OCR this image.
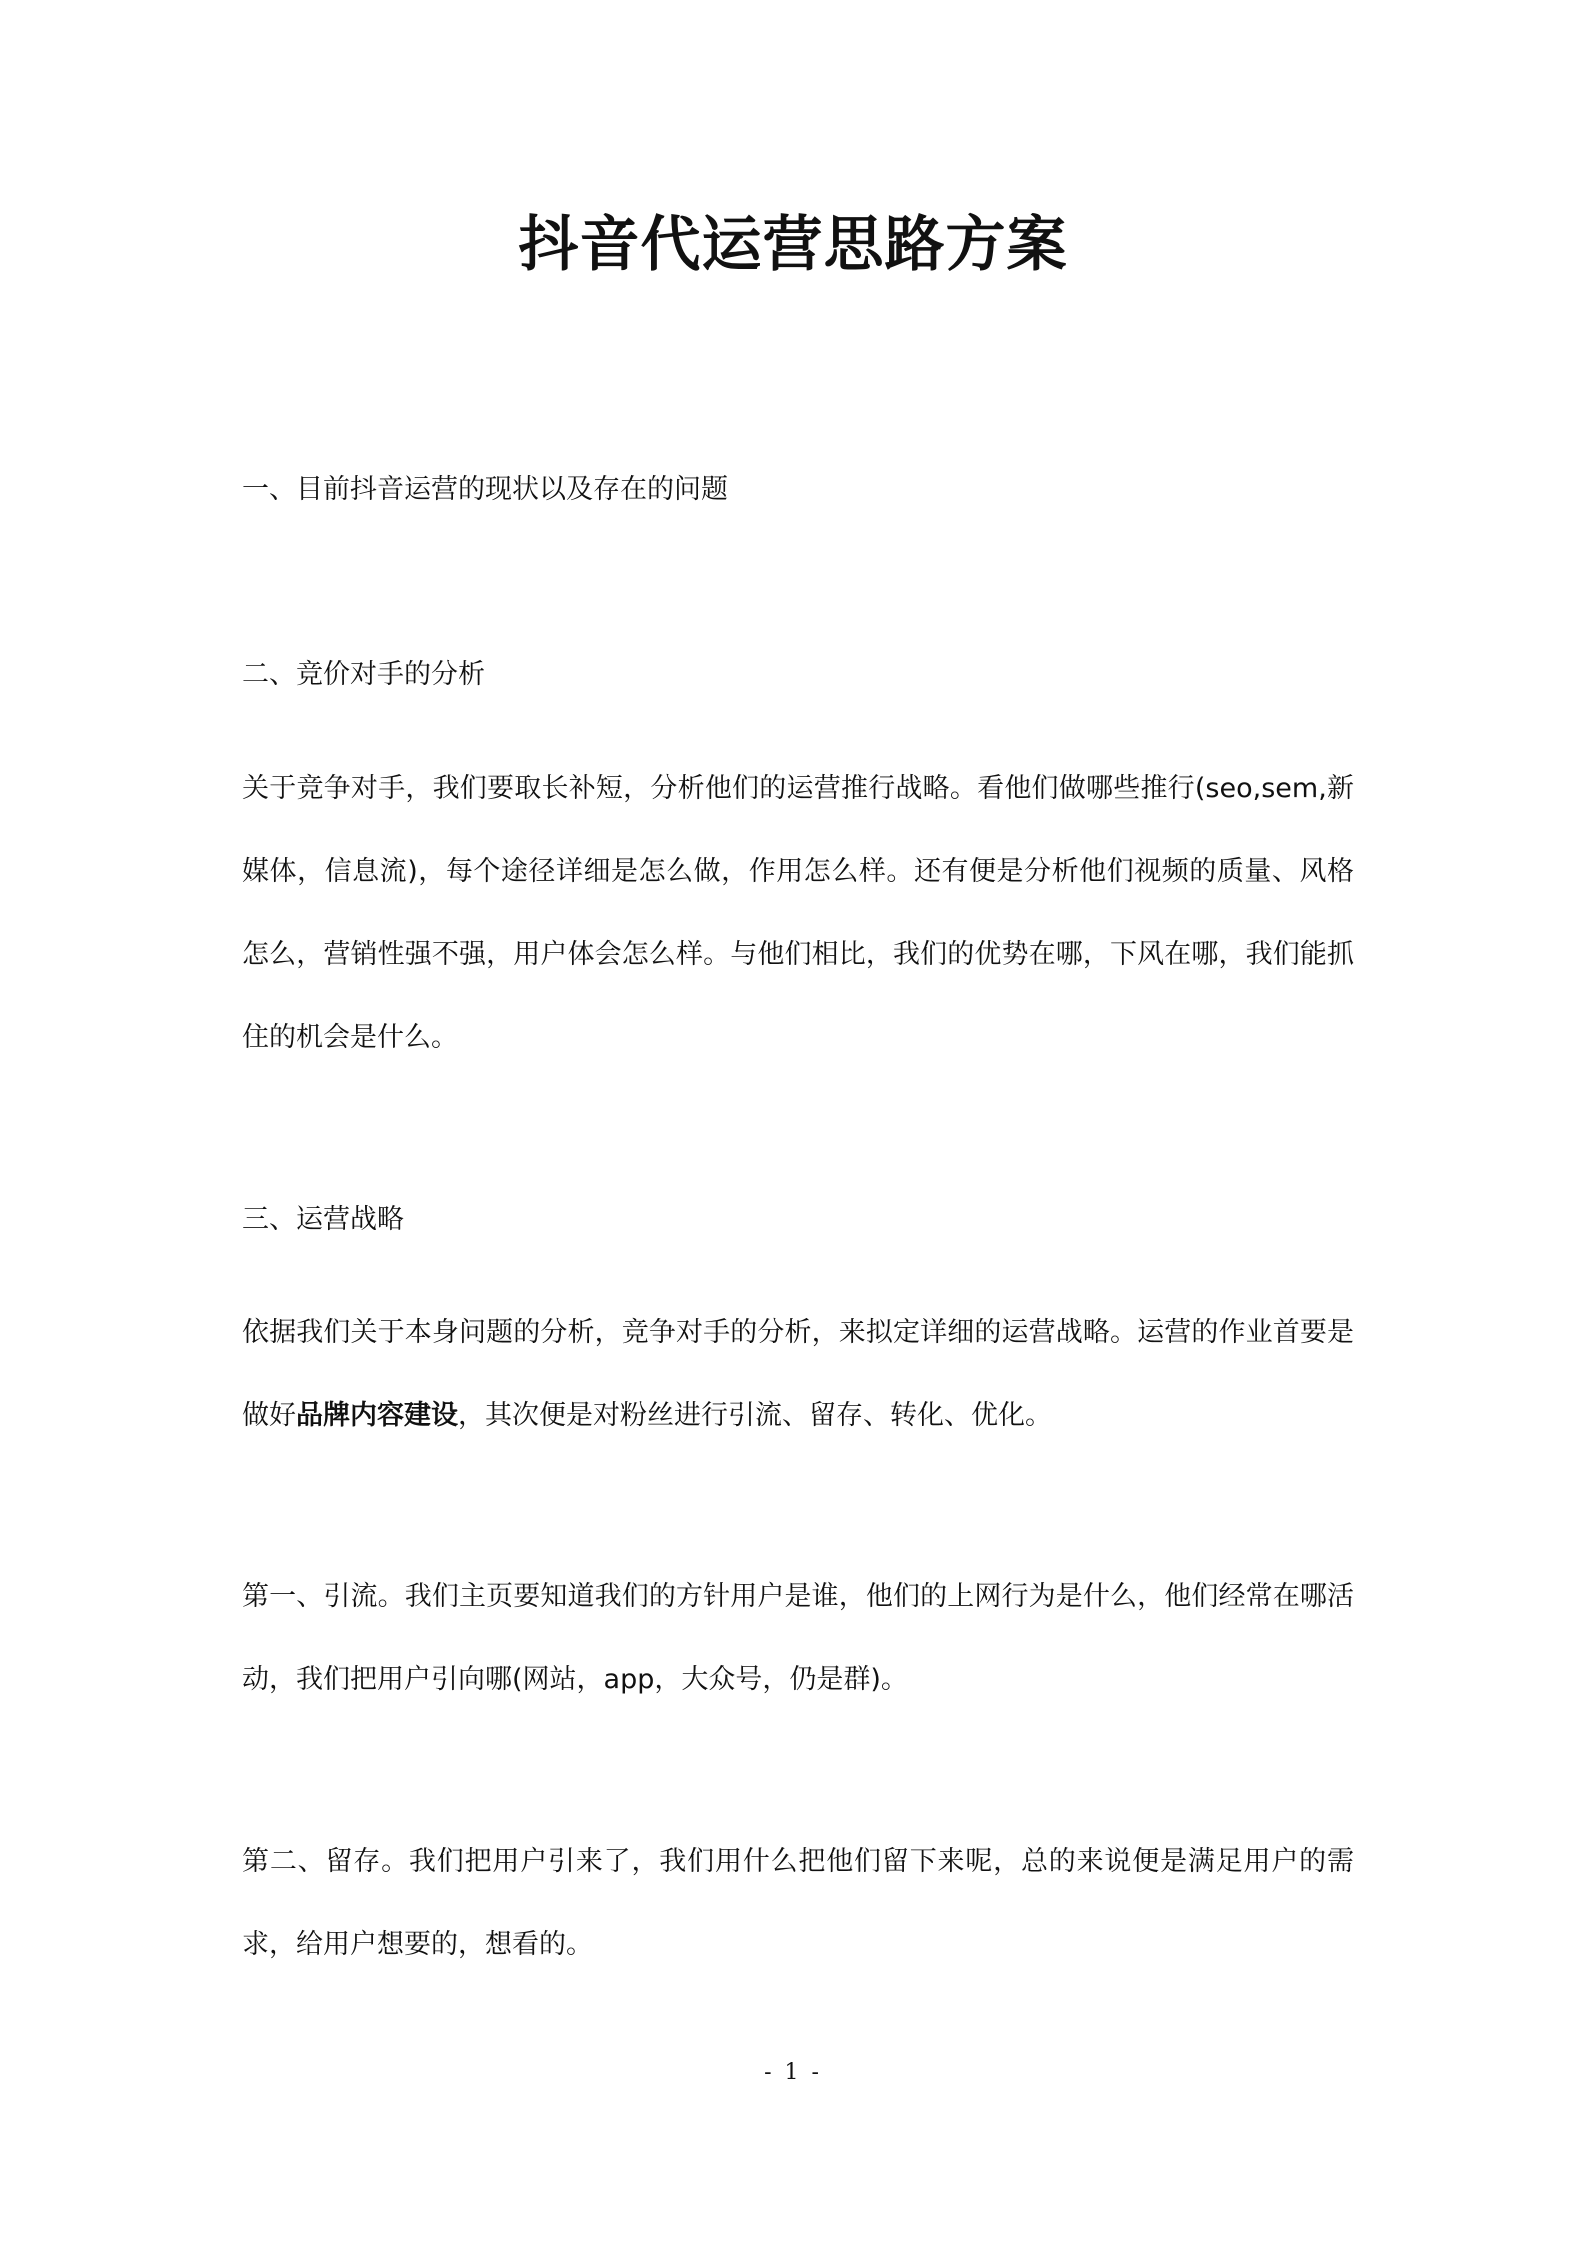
抖音代运营思路方案
一、目前抖音运营的现状以及存在的问题
二、竞价对手的分析

关于竞争对手，我们要取长补短，分析他们的运营推行战略。看他们做哪些推行(seo,sem,新媒体，信息流)，每个途径详细是怎么做，作用怎么样。还有便是分析他们视频的质量、风格怎么，营销性强不强，用户体会怎么样。与他们相比，我们的优势在哪，下风在哪，我们能抓住的机会是什么。

三、运营战略

依据我们关于本身问题的分析，竞争对手的分析，来拟定详细的运营战略。运营的作业首要是做好品牌内容建设，其次便是对粉丝进行引流、留存、转化、优化。

第一、引流。我们主页要知道我们的方针用户是谁，他们的上网行为是什么，他们经常在哪活动，我们把用户引向哪(网站，app，大众号，仍是群)。

第二、留存。我们把用户引来了，我们用什么把他们留下来呢，总的来说便是满足用户的需求，给用户想要的，想看的。

- 1 -
